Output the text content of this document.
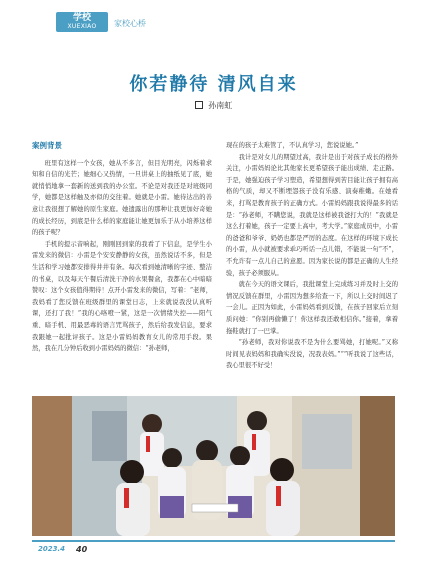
学校
XUEXIAO	家校心桥
你若静待 清风自来
孙南虹
案例背景

班里有这样一个女孩，她从不多言，但目光明亮，闪烁着求知和自信的光芒；她细心又热情，一旦讲桌上的抽纸见了底，她就悄悄地拿一套新的送到我的办公室。不论是对我还是对班级同学，她都是这样触及亦似的交往着。她就是小雷。她待达出的善意让我很想了解她的原生家庭。她遗露出的那种让我更加好奇她的成长经历，到底是什么样的家庭能让她更加乐于从小培养这样的孩子呢？

手机的提示音响起，刚刚回到家的我看了下信息，是学生小雷发来的微信：小雷是个安安静静的女孩，虽然说话不多，但是生活和学习她都安排得井井有条。每次看到她清晰的字迹、整洁的书桌，以及每天午餐后清洗干净的水果餐盒，我都在心中暗暗赞叹：这个女孩值得期待！点开小雷发来的微信，写着：“老师，我妈看了您反馈在班级群里的课堂日志，上来就说我没认真听课，还打了我！”我的心咯噔一紧，这是一次情绪失控——阳气重、暗手机、用最恶毒的语言咒骂孩子，然后给我发信息，要求我跟她一起批评孩子。这是小雷妈妈教育女儿的常用手段。果然，我在几分钟后收到小雷妈妈的微信：“孙老师，

现在的孩子太难管了，不认真学习，您说说她。”

我计是对女儿的期望过高，我计是出于对孩子成长的格外关注，小雷妈妈论比其他家长更希望孩子能出成绩、走正路。于是，她强迫孩子学习塑造，希望想得到苦目能让孩子拥有高格的气质，却又不断埋怨孩子没有乐感、演奏稚嫩。在她看来，打骂是教育孩子的正确方式。小雷妈妈跟我说得最多的话是：“孙老师，不瞒您说，我就是这样被我爸打大的！”我就是这么打着她，孩子一定要上高中，考大学。”家庭成员中，小雷的爸爸和爷爷、奶奶也都是严厉的态度。在这样的环境下成长的小雷，从小就被要求乖巧听话一点儿错，不能说一句“不”，不允许有一点儿自己的意愿。因为家长说的都是正确的人生经验，孩子必须服从。

就在今天的语文课后，我批课堂上完成练习并及时上交的情况反馈在群里，小雷因为想多给查一下，所以上交时间迟了一会儿。正因为如此，小雷妈妈看到反馈，在孩子回家后立刻质问她：“你别再偷懒了！你这样我还敢相信你。”接着，拿着拖鞋就打了一巴掌。

“孙老师，我对你说我不是为什么要骂她，打她呢。”又称时间见表妈妈和我确实没说，况我表妈。”“”听我说了这些话，我心里很不好受！

2023.4 40
